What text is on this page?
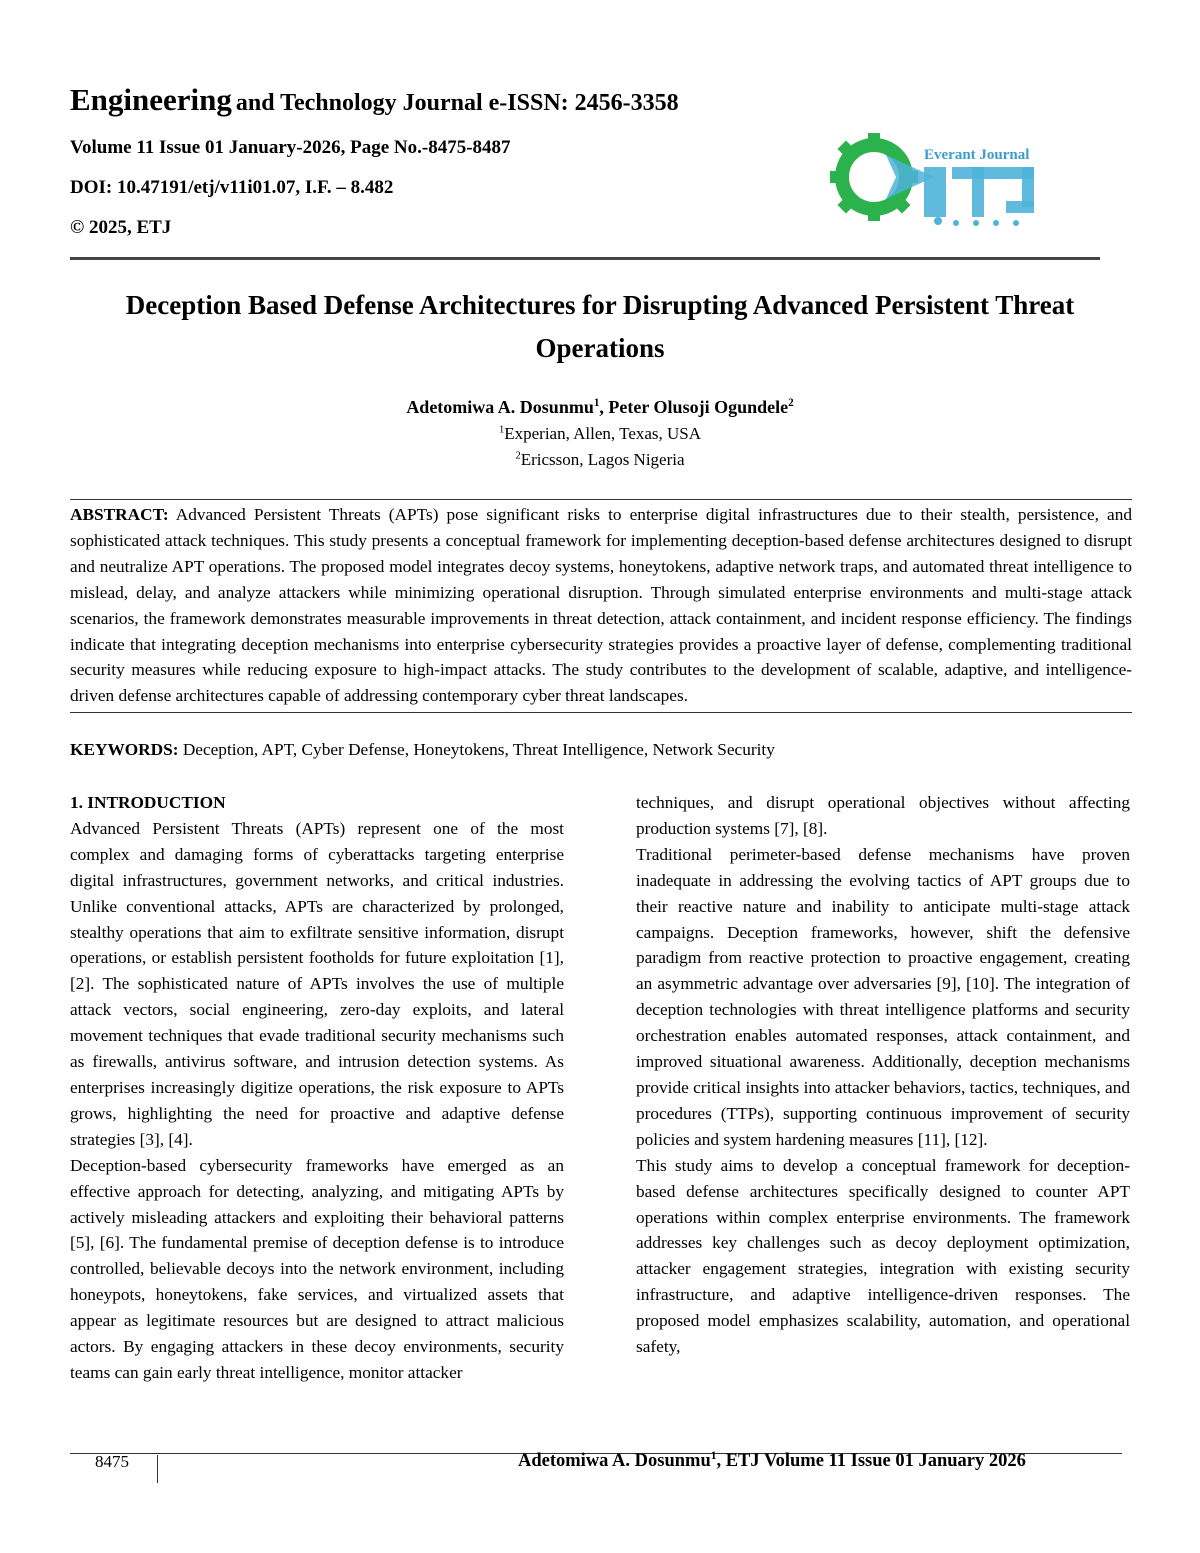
Engineering and Technology Journal e-ISSN: 2456-3358
Volume 11 Issue 01 January-2026, Page No.-8475-8487
DOI: 10.47191/etj/v11i01.07, I.F. – 8.482
© 2025, ETJ
Everant Journal
Deception Based Defense Architectures for Disrupting Advanced Persistent Threat Operations
Adetomiwa A. Dosunmu$^1$, Peter Olusoji Ogundele$^2$
$^1$Experian, Allen, Texas, USA
$^2$Ericsson, Lagos Nigeria
ABSTRACT: Advanced Persistent Threats (APTs) pose significant risks to enterprise digital infrastructures due to their stealth, persistence, and sophisticated attack techniques. This study presents a conceptual framework for implementing deception-based defense architectures designed to disrupt and neutralize APT operations. The proposed model integrates decoy systems, honeytokens, adaptive network traps, and automated threat intelligence to mislead, delay, and analyze attackers while minimizing operational disruption. Through simulated enterprise environments and multi-stage attack scenarios, the framework demonstrates measurable improvements in threat detection, attack containment, and incident response efficiency. The findings indicate that integrating deception mechanisms into enterprise cybersecurity strategies provides a proactive layer of defense, complementing traditional security measures while reducing exposure to high-impact attacks. The study contributes to the development of scalable, adaptive, and intelligence-driven defense architectures capable of addressing contemporary cyber threat landscapes.
KEYWORDS: Deception, APT, Cyber Defense, Honeytokens, Threat Intelligence, Network Security
1. INTRODUCTION

Advanced Persistent Threats (APTs) represent one of the most complex and damaging forms of cyberattacks targeting enterprise digital infrastructures, government networks, and critical industries. Unlike conventional attacks, APTs are characterized by prolonged, stealthy operations that aim to exfiltrate sensitive information, disrupt operations, or establish persistent footholds for future exploitation [1], [2]. The sophisticated nature of APTs involves the use of multiple attack vectors, social engineering, zero-day exploits, and lateral movement techniques that evade traditional security mechanisms such as firewalls, antivirus software, and intrusion detection systems. As enterprises increasingly digitize operations, the risk exposure to APTs grows, highlighting the need for proactive and adaptive defense strategies [3], [4].

Deception-based cybersecurity frameworks have emerged as an effective approach for detecting, analyzing, and mitigating APTs by actively misleading attackers and exploiting their behavioral patterns [5], [6]. The fundamental premise of deception defense is to introduce controlled, believable decoys into the network environment, including honeypots, honeytokens, fake services, and virtualized assets that appear as legitimate resources but are designed to attract malicious actors. By engaging attackers in these decoy environments, security teams can gain early threat intelligence, monitor attacker

techniques, and disrupt operational objectives without affecting production systems [7], [8].

Traditional perimeter-based defense mechanisms have proven inadequate in addressing the evolving tactics of APT groups due to their reactive nature and inability to anticipate multi-stage attack campaigns. Deception frameworks, however, shift the defensive paradigm from reactive protection to proactive engagement, creating an asymmetric advantage over adversaries [9], [10]. The integration of deception technologies with threat intelligence platforms and security orchestration enables automated responses, attack containment, and improved situational awareness. Additionally, deception mechanisms provide critical insights into attacker behaviors, tactics, techniques, and procedures (TTPs), supporting continuous improvement of security policies and system hardening measures [11], [12].

This study aims to develop a conceptual framework for deception-based defense architectures specifically designed to counter APT operations within complex enterprise environments. The framework addresses key challenges such as decoy deployment optimization, attacker engagement strategies, integration with existing security infrastructure, and adaptive intelligence-driven responses. The proposed model emphasizes scalability, automation, and operational safety,

8475	Adetomiwa A. Dosunmu$^1$, ETJ Volume 11 Issue 01 January 2026
